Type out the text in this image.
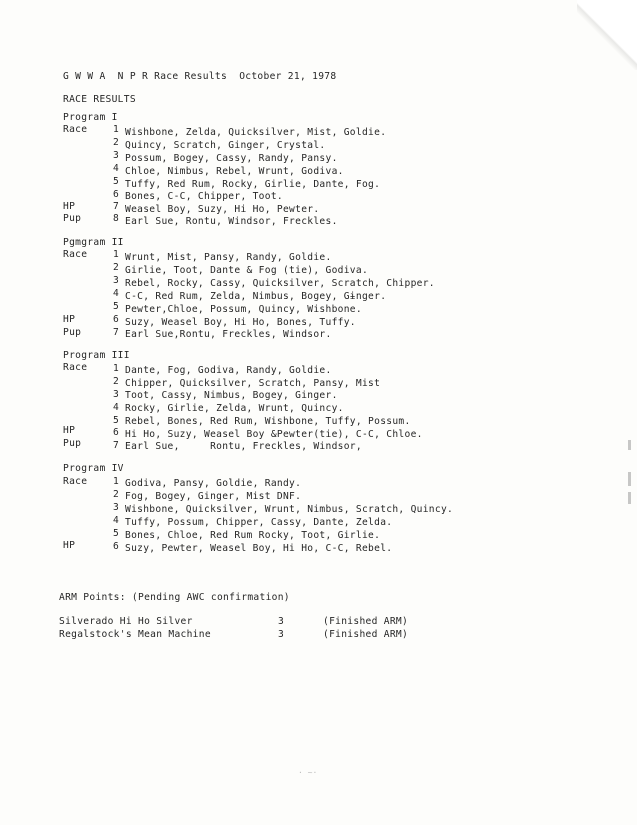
G W W A  N P R Race Results  October 21, 1978
RACE RESULTS
Program I
Race	1 Wishbone, Zelda, Quicksilver, Mist, Goldie.
2 Quincy, Scratch, Ginger, Crystal.
3 Possum, Bogey, Cassy, Randy, Pansy.
4 Chloe, Nimbus, Rebel, Wrunt, Godiva.
5 Tuffy, Red Rum, Rocky, Girlie, Dante, Fog.
6 Bones, C-C, Chipper, Toot.
HP	7 Weasel Boy, Suzy, Hi Ho, Pewter.
Pup	8 Earl Sue, Rontu, Windsor, Freckles.
Pgmgram II
Race	1 Wrunt, Mist, Pansy, Randy, Goldie.
2 Girlie, Toot, Dante & Fog (tie), Godiva.
3 Rebel, Rocky, Cassy, Quicksilver, Scratch, Chipper.
4 C-C, Red Rum, Zelda, Nimbus, Bogey, Gɨnger.
5 Pewter,Chloe, Possum, Quincy, Wishbone.
HP	6 Suzy, Weasel Boy, Hi Ho, Bones, Tuffy.
Pup	7 Earl Sue,Rontu, Freckles, Windsor.
Program III
Race	1 Dante, Fog, Godiva, Randy, Goldie.
2 Chipper, Quicksilver, Scratch, Pansy, Mist
3 Toot, Cassy, Nimbus, Bogey, Ginger.
4 Rocky, Girlie, Zelda, Wrunt, Quincy.
5 Rebel, Bones, Red Rum, Wishbone, Tuffy, Possum.
HP	6 Hi Ho, Suzy, Weasel Boy &Pewter(tie), C-C, Chloe.
Pup	7 Earl Sue,     Rontu, Freckles, Windsor,
Program IV
Race	1 Godiva, Pansy, Goldie, Randy.
2 Fog, Bogey, Ginger, Mist DNF.
3 Wishbone, Quicksilver, Wrunt, Nimbus, Scratch, Quincy.
4 Tuffy, Possum, Chipper, Cassy, Dante, Zelda.
5 Bones, Chloe, Red Rum Rocky, Toot, Girlie.
HP	6 Suzy, Pewter, Weasel Boy, Hi Ho, C-C, Rebel.
ARM Points: (Pending AWC confirmation)
Silverado Hi Ho Silver	3	(Finished ARM)
Regalstock's Mean Machine	3	(Finished ARM)
· ~·
